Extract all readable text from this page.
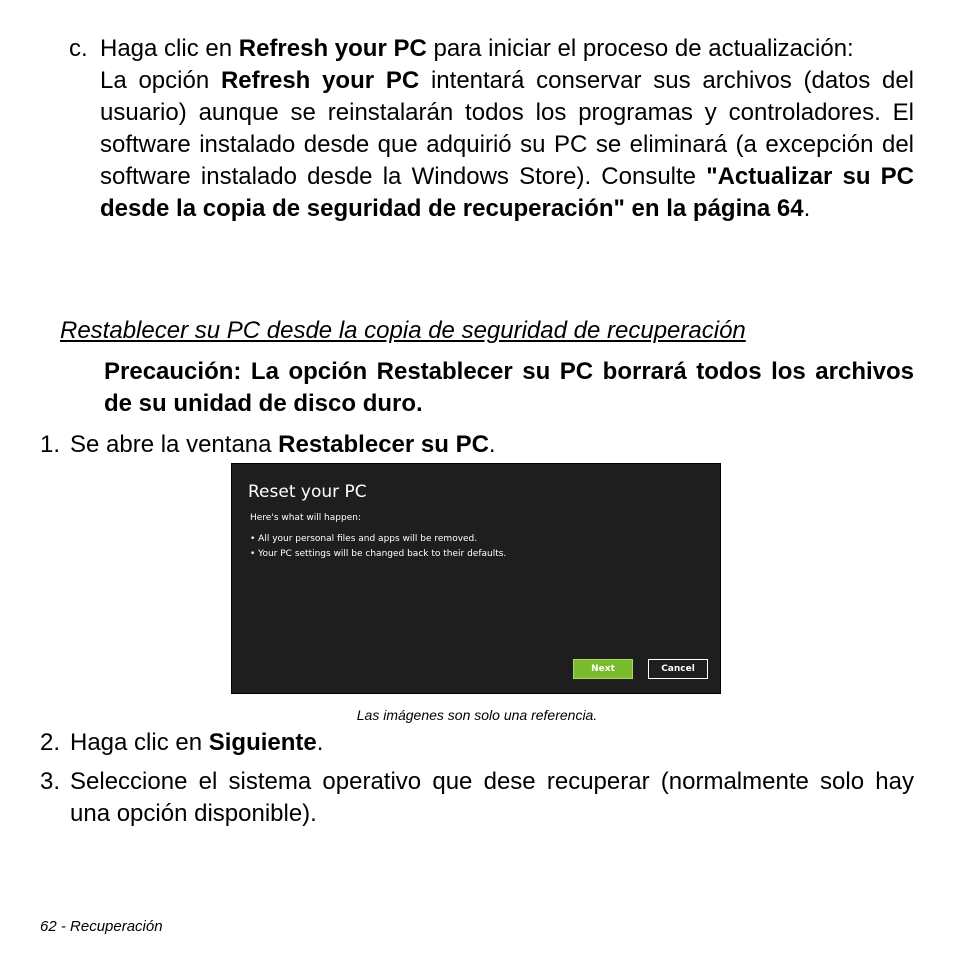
c. Haga clic en Refresh your PC para iniciar el proceso de actualización:
La opción Refresh your PC intentará conservar sus archivos (datos del usuario) aunque se reinstalarán todos los programas y controladores. El software instalado desde que adquirió su PC se eliminará (a excepción del software instalado desde la Windows Store). Consulte "Actualizar su PC desde la copia de seguridad de recuperación" en la página 64.
Restablecer su PC desde la copia de seguridad de recuperación
Precaución: La opción Restablecer su PC borrará todos los archivos de su unidad de disco duro.
1. Se abre la ventana Restablecer su PC.
Reset your PC
Here's what will happen:
• All your personal files and apps will be removed.
• Your PC settings will be changed back to their defaults.
Next	Cancel
Las imágenes son solo una referencia.
2. Haga clic en Siguiente.
3. Seleccione el sistema operativo que dese recuperar (normalmente solo hay una opción disponible).
62 - Recuperación
